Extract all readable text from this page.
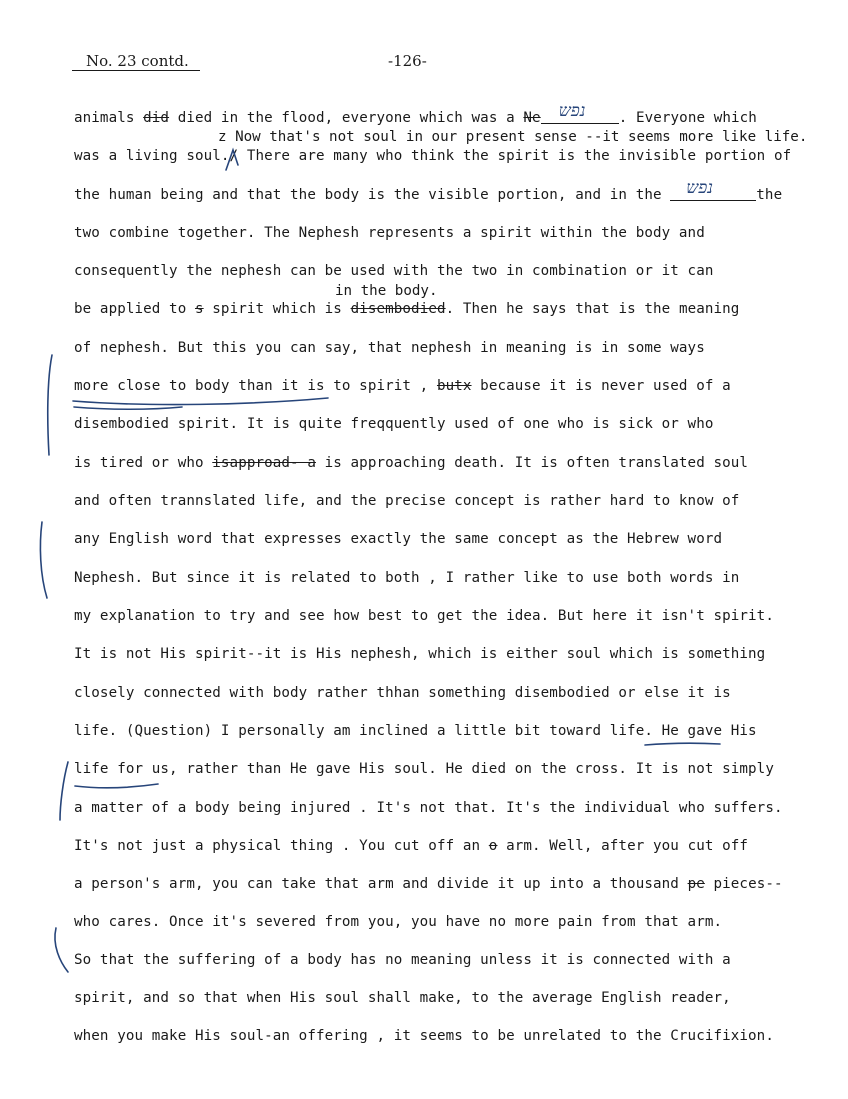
No. 23 contd.	-126-
animals did died in the flood, everyone which was a Ne נפש . Everyone which
z Now that's not soul in our present sense --it seems more like life.
was a living soul./ There are many who think the spirit is the invisible portion of
the human being and that the body is the visible portion, and in the נפש	the
two combine together. The Nephesh represents a spirit within the body and
consequently the nephesh can be used with the two in combination or it can
in the body.
be applied to s spirit which is disembodied. Then he says that is the meaning
of nephesh. But this you can say, that nephesh in meaning is in some ways
more close to body than it is to spirit , butx because it is never used of a
disembodied spirit. It is quite freqquently used of one who is sick or who
is tired or who isapproad- a is approaching death. It is often translated soul
and often trannslated life, and the precise concept is rather hard to know of
any English word that expresses exactly the same concept as the Hebrew word
Nephesh. But since it is related to both , I rather like to use both words in
my explanation to try and see how best to get the idea. But here it isn't spirit.
It is not His spirit--it is His nephesh, which is either soul which is something
closely connected with body rather thhan something disembodied or else it is
life. (Question) I personally am inclined a little bit toward life. He gave His
life for us, rather than He gave His soul. He died on the cross. It is not simply
a matter of a body being injured . It's not that. It's the individual who suffers.
It's not just a physical thing . You cut off an o arm. Well, after you cut off
a person's arm, you can take that arm and divide it up into a thousand pe pieces--
who cares. Once it's severed from you, you have no more pain from that arm.
So that the suffering of a body has no meaning unless it is connected with a
spirit, and so that when His soul shall make, to the average English reader,
when you make His soul-an offering , it seems to be unrelated to the Crucifixion.
